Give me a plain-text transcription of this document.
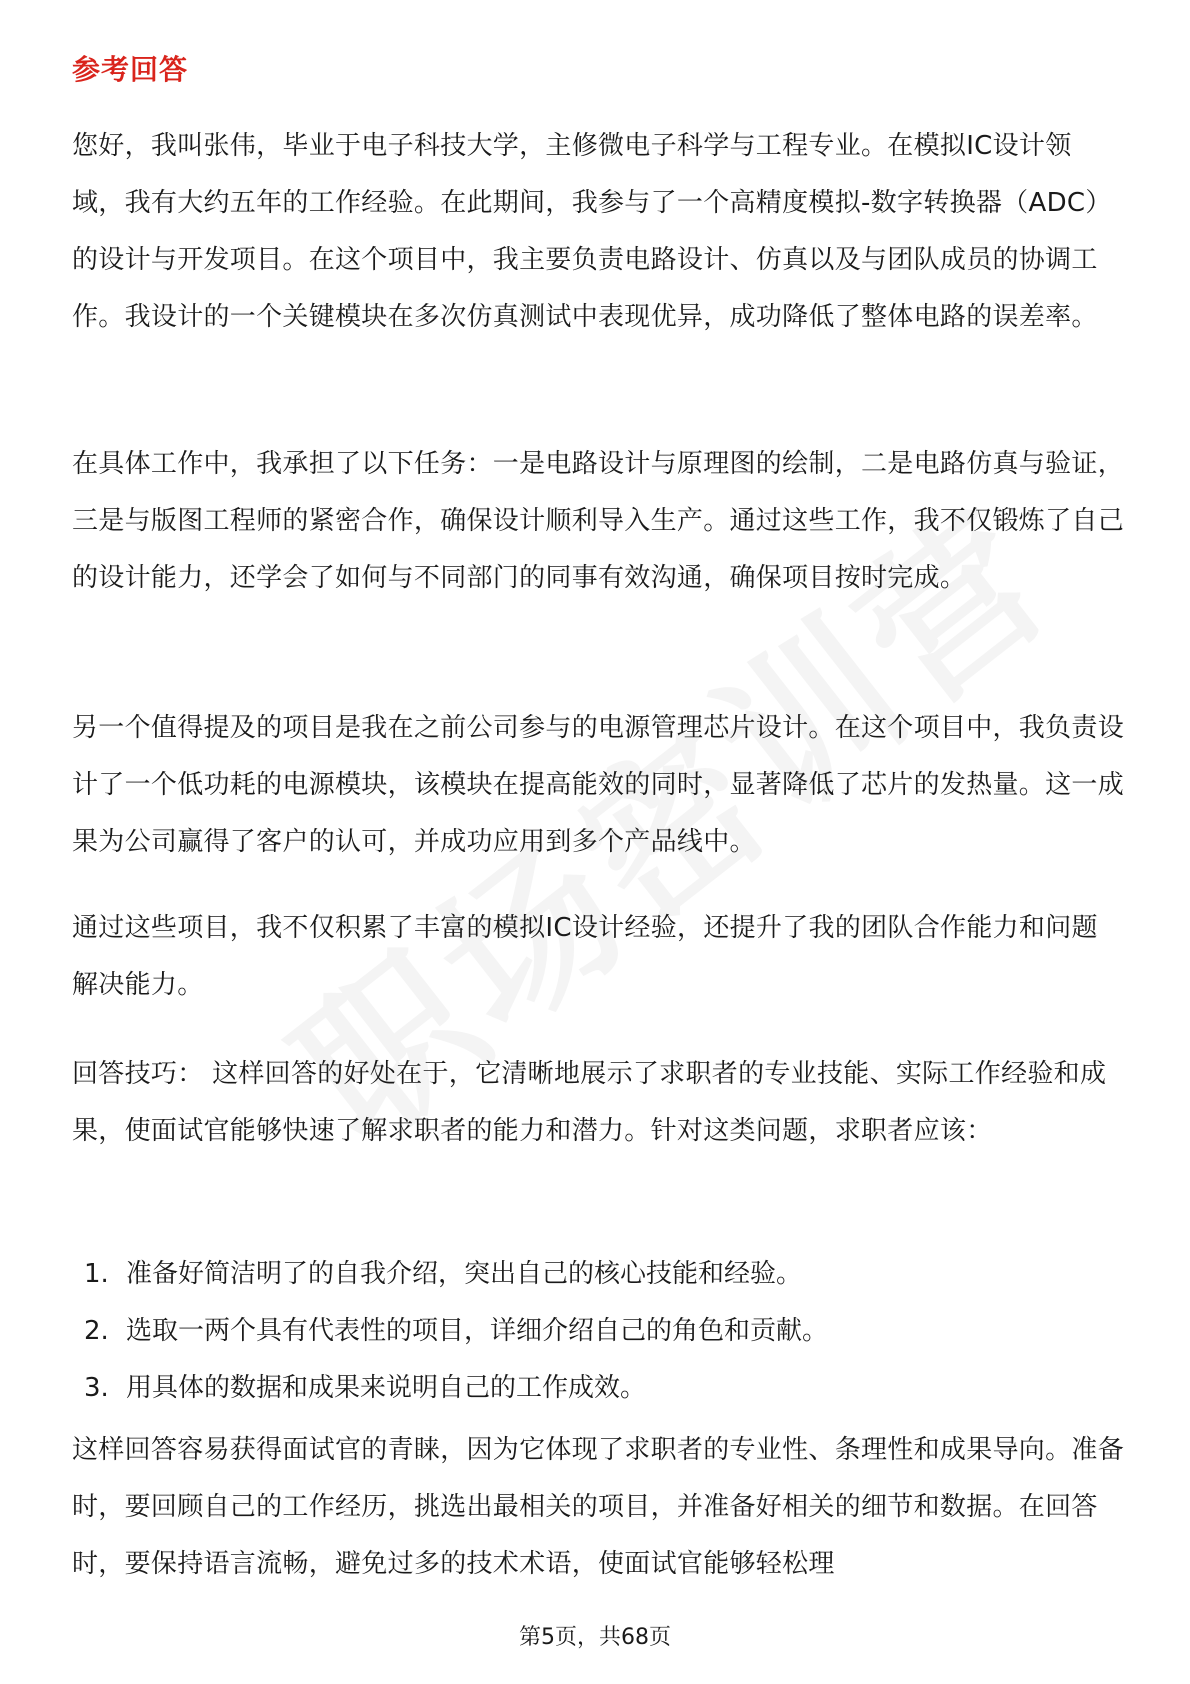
参考回答

您好，我叫张伟，毕业于电子科技大学，主修微电子科学与工程专业。在模拟IC设计领域，我有大约五年的工作经验。在此期间，我参与了一个高精度模拟-数字转换器（ADC）的设计与开发项目。在这个项目中，我主要负责电路设计、仿真以及与团队成员的协调工作。我设计的一个关键模块在多次仿真测试中表现优异，成功降低了整体电路的误差率。

在具体工作中，我承担了以下任务：一是电路设计与原理图的绘制，二是电路仿真与验证，三是与版图工程师的紧密合作，确保设计顺利导入生产。通过这些工作，我不仅锻炼了自己的设计能力，还学会了如何与不同部门的同事有效沟通，确保项目按时完成。

另一个值得提及的项目是我在之前公司参与的电源管理芯片设计。在这个项目中，我负责设计了一个低功耗的电源模块，该模块在提高能效的同时，显著降低了芯片的发热量。这一成果为公司赢得了客户的认可，并成功应用到多个产品线中。

通过这些项目，我不仅积累了丰富的模拟IC设计经验，还提升了我的团队合作能力和问题解决能力。

回答技巧： 这样回答的好处在于，它清晰地展示了求职者的专业技能、实际工作经验和成果，使面试官能够快速了解求职者的能力和潜力。针对这类问题，求职者应该：

1. 准备好简洁明了的自我介绍，突出自己的核心技能和经验。
2. 选取一两个具有代表性的项目，详细介绍自己的角色和贡献。
3. 用具体的数据和成果来说明自己的工作成效。

这样回答容易获得面试官的青睐，因为它体现了求职者的专业性、条理性和成果导向。准备时，要回顾自己的工作经历，挑选出最相关的项目，并准备好相关的细节和数据。在回答时，要保持语言流畅，避免过多的技术术语，使面试官能够轻松理

第5页，共68页
